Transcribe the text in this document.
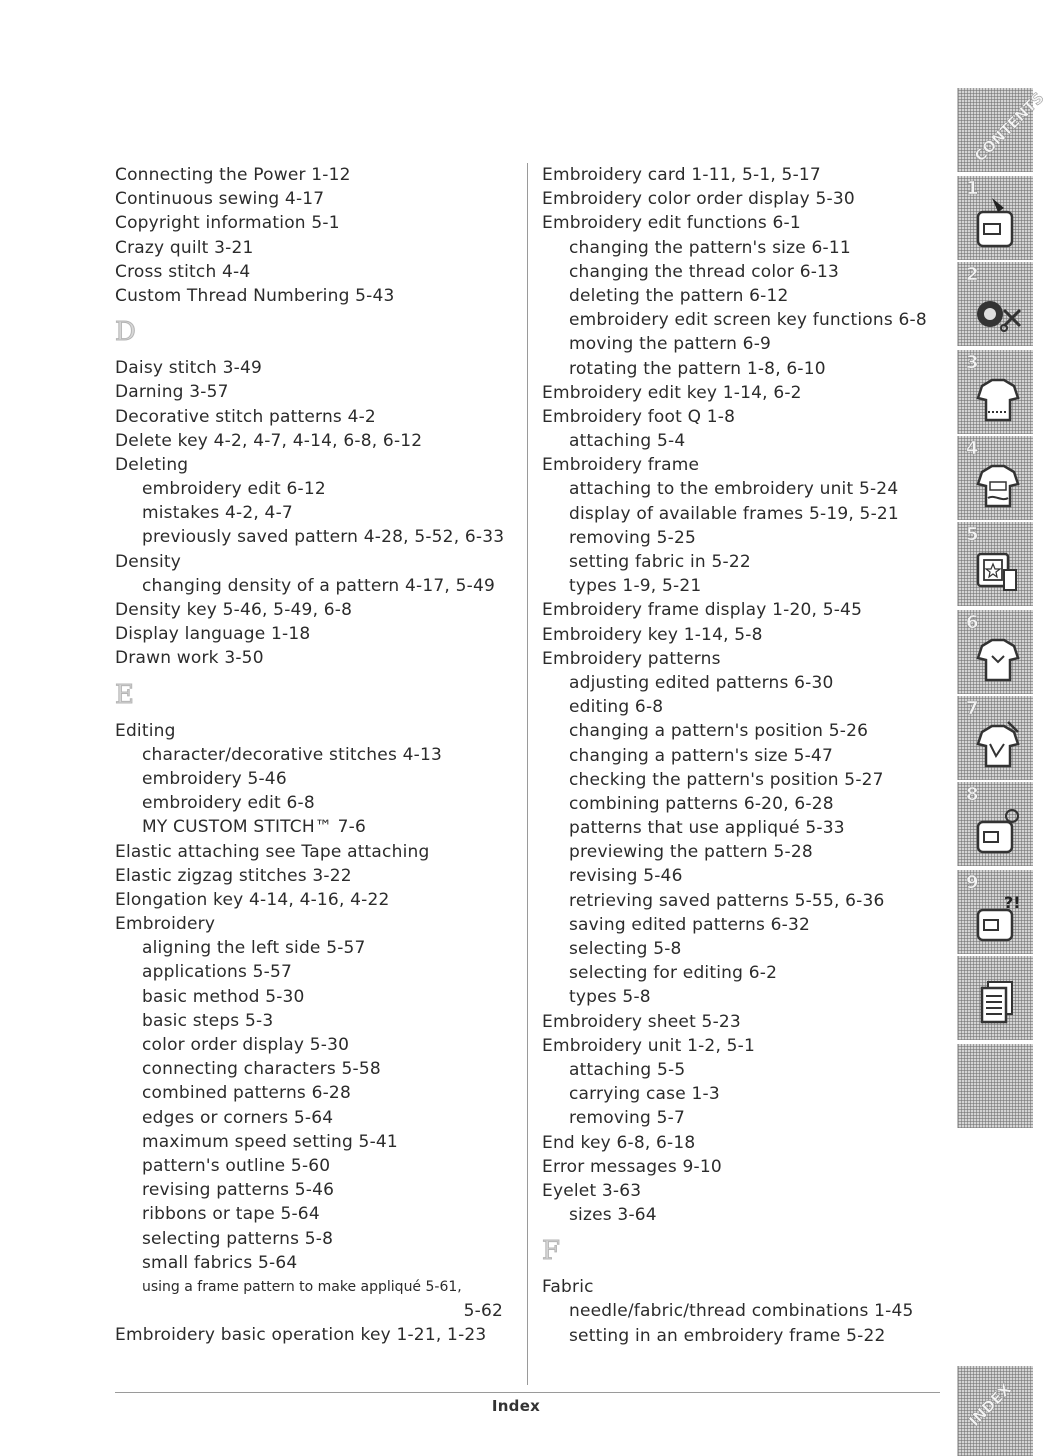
Connecting the Power 1-12
Continuous sewing 4-17
Copyright information 5-1
Crazy quilt 3-21
Cross stitch 4-4
Custom Thread Numbering 5-43
D
Daisy stitch 3-49
Darning 3-57
Decorative stitch patterns 4-2
Delete key 4-2, 4-7, 4-14, 6-8, 6-12
Deleting
embroidery edit 6-12
mistakes 4-2, 4-7
previously saved pattern 4-28, 5-52, 6-33
Density
changing density of a pattern 4-17, 5-49
Density key 5-46, 5-49, 6-8
Display language 1-18
Drawn work 3-50
E
Editing
character/decorative stitches 4-13
embroidery 5-46
embroidery edit 6-8
MY CUSTOM STITCH™ 7-6
Elastic attaching see Tape attaching
Elastic zigzag stitches 3-22
Elongation key 4-14, 4-16, 4-22
Embroidery
aligning the left side 5-57
applications 5-57
basic method 5-30
basic steps 5-3
color order display 5-30
connecting characters 5-58
combined patterns 6-28
edges or corners 5-64
maximum speed setting 5-41
pattern's outline 5-60
revising patterns 5-46
ribbons or tape 5-64
selecting patterns 5-8
small fabrics 5-64
using a frame pattern to make appliqué 5-61,
5-62
Embroidery basic operation key 1-21, 1-23
Embroidery card 1-11, 5-1, 5-17
Embroidery color order display 5-30
Embroidery edit functions 6-1
changing the pattern's size 6-11
changing the thread color 6-13
deleting the pattern 6-12
embroidery edit screen key functions 6-8
moving the pattern 6-9
rotating the pattern 1-8, 6-10
Embroidery edit key 1-14, 6-2
Embroidery foot Q 1-8
attaching 5-4
Embroidery frame
attaching to the embroidery unit 5-24
display of available frames 5-19, 5-21
removing 5-25
setting fabric in 5-22
types 1-9, 5-21
Embroidery frame display 1-20, 5-45
Embroidery key 1-14, 5-8
Embroidery patterns
adjusting edited patterns 6-30
editing 6-8
changing a pattern's position 5-26
changing a pattern's size 5-47
checking the pattern's position 5-27
combining patterns 6-20, 6-28
patterns that use appliqué 5-33
previewing the pattern 5-28
revising 5-46
retrieving saved patterns 5-55, 6-36
saving edited patterns 6-32
selecting 5-8
selecting for editing 6-2
types 5-8
Embroidery sheet 5-23
Embroidery unit 1-2, 5-1
attaching 5-5
carrying case 1-3
removing 5-7
End key 6-8, 6-18
Error messages 9-10
Eyelet 3-63
sizes 3-64
F
Fabric
needle/fabric/thread combinations 1-45
setting in an embroidery frame 5-22
Index
CONTENTS
1
2
3
4
5
6
7
8
9
?!
INDEX
